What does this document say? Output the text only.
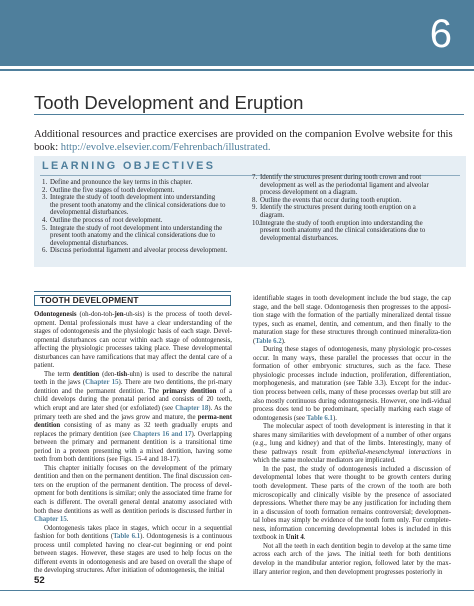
6
Tooth Development and Eruption
Additional resources and practice exercises are provided on the companion Evolve website for this book: http://evolve.elsevier.com/Fehrenbach/illustrated.
LEARNING OBJECTIVES
1. Define and pronounce the key terms in this chapter.
2. Outline the five stages of tooth development.
3. Integrate the study of tooth development into understanding
the present tooth anatomy and the clinical considerations due to
developmental disturbances.
4. Outline the process of root development.
5. Integrate the study of root development into understanding the
present tooth anatomy and the clinical considerations due to
developmental disturbances.
6. Discuss periodontal ligament and alveolar process development.
7. Identify the structures present during tooth crown and root
development as well as the periodontal ligament and alveolar
process development on a diagram.
8. Outline the events that occur during tooth eruption.
9. Identify the structures present during tooth eruption on a
diagram.
10. Integrate the study of tooth eruption into understanding the
present tooth anatomy and the clinical considerations due to
developmental disturbances.
TOOTH DEVELOPMENT

Odontogenesis (oh-don-toh-jen-uh-sis) is the process of tooth devel-opment. Dental professionals must have a clear understanding of the stages of odontogenesis and the physiologic basis of each stage. Devel-opmental disturbances can occur within each stage of odontogenesis, affecting the physiologic processes taking place. These developmental disturbances can have ramifications that may affect the dental care of a patient.

The term dentition (den-tish-uhn) is used to describe the natural teeth in the jaws (Chapter 15). There are two dentitions, the pri-mary dentition and the permanent dentition. The primary dentition of a child develops during the prenatal period and consists of 20 teeth, which erupt and are later shed (or exfoliated) (see Chapter 18). As the primary teeth are shed and the jaws grow and mature, the perma-nent dentition consisting of as many as 32 teeth gradually erupts and replaces the primary dentition (see Chapters 16 and 17). Overlapping between the primary and permanent dentition is a transitional time period in a preteen presenting with a mixed dentition, having some teeth from both dentitions (see Figs. 15-4 and 18-17).

This chapter initially focuses on the development of the primary dentition and then on the permanent dentition. The final discussion cen-ters on the eruption of the permanent dentition. The process of devel-opment for both dentitions is similar; only the associated time frame for each is different. The overall general dental anatomy associated with both these dentitions as well as dentition periods is discussed further in Chapter 15.

Odontogenesis takes place in stages, which occur in a sequential fashion for both dentitions (Table 6.1). Odontogenesis is a continuous process until completed having no clear-cut beginning or end point between stages. However, these stages are used to help focus on the different events in odontogenesis and are based on overall the shape of the developing structures. After initiation of odontogenesis, the initial

identifiable stages in tooth development include the bud stage, the cap stage, and the bell stage. Odontogenesis then progresses to the apposi-tion stage with the formation of the partially mineralized dental tissue types, such as enamel, dentin, and cementum, and then finally to the maturation stage for these structures through continued mineraliza-tion (Table 6.2).

During these stages of odontogenesis, many physiologic pro-cesses occur. In many ways, these parallel the processes that occur in the formation of other embryonic structures, such as the face. These physiologic processes include induction, proliferation, differentiation, morphogenesis, and maturation (see Table 3.3). Except for the induc-tion process between cells, many of these processes overlap but still are also mostly continuous during odontogenesis. However, one indi-vidual process does tend to be predominant, specially marking each stage of odontogenesis (see Table 6.1).

The molecular aspect of tooth development is interesting in that it shares many similarities with development of a number of other organs (e.g., lung and kidney) and that of the limbs. Interestingly, many of these pathways result from epithelial-mesenchymal interactions in which the same molecular mediators are implicated.

In the past, the study of odontogenesis included a discussion of developmental lobes that were thought to be growth centers during tooth development. These parts of the crown of the tooth are both microscopically and clinically visible by the presence of associated depressions. Whether there may be any justification for including them in a discussion of tooth formation remains controversial; developmen-tal lobes may simply be evidence of the tooth form only. For complete-ness, information concerning developmental lobes is included in this textbook in Unit 4.

Not all the teeth in each dentition begin to develop at the same time across each arch of the jaws. The initial teeth for both dentitions develop in the mandibular anterior region, followed later by the max-illary anterior region, and then development progresses posteriorly in

52
